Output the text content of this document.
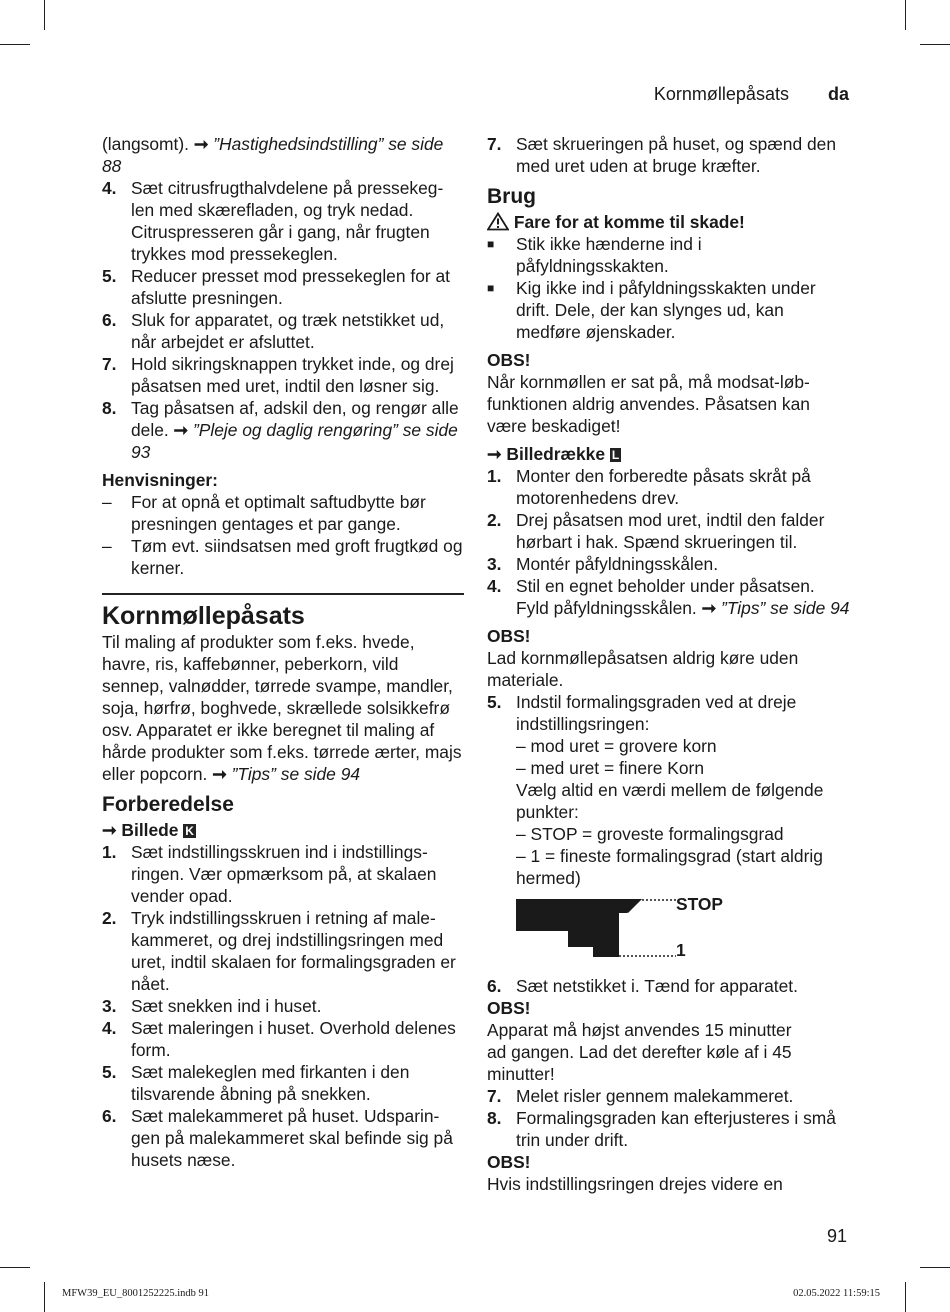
Kornmøllepåsats da

(langsomt). ➞ ”Hastighedsindstilling” se side 88

4. Sæt citrusfrugthalvdelene på pressekeg-len med skærefladen, og tryk nedad. Citruspresseren går i gang, når frugten trykkes mod pressekeglen.
5. Reducer presset mod pressekeglen for at afslutte presningen.
6. Sluk for apparatet, og træk netstikket ud, når arbejdet er afsluttet.
7. Hold sikringsknappen trykket inde, og drej påsatsen med uret, indtil den løsner sig.
8. Tag påsatsen af, adskil den, og rengør alle dele. ➞ ”Pleje og daglig rengøring” se side 93

Henvisninger:

–	For at opnå et optimalt saftudbytte bør presningen gentages et par gange.
–	Tøm evt. siindsatsen med groft frugtkød og kerner.
Kornmøllepåsats

Til maling af produkter som f.eks. hvede, havre, ris, kaffebønner, peberkorn, vild sennep, valnødder, tørrede svampe, mandler, soja, hørfrø, boghvede, skrællede solsikkefrø osv. Apparatet er ikke beregnet til maling af hårde produkter som f.eks. tørrede ærter, majs eller popcorn. ➞ ”Tips” se side 94

Forberedelse

➞ Billede K

1. Sæt indstillingsskruen ind i indstillings-ringen. Vær opmærksom på, at skalaen vender opad.
2. Tryk indstillingsskruen i retning af male-kammeret, og drej indstillingsringen med uret, indtil skalaen for formalingsgraden er nået.
3. Sæt snekken ind i huset.
4. Sæt maleringen i huset. Overhold delenes form.
5. Sæt malekeglen med firkanten i den tilsvarende åbning på snekken.
6. Sæt malekammeret på huset. Udsparin-gen på malekammeret skal befinde sig på husets næse.
7. Sæt skrueringen på huset, og spænd den med uret uden at bruge kræfter.
Brug

Fare for at komme til skade!

■	Stik ikke hænderne ind i påfyldningsskakten.
■	Kig ikke ind i påfyldningsskakten under drift. Dele, der kan slynges ud, kan medføre øjenskader.

OBS!

Når kornmøllen er sat på, må modsat-løb-funktionen aldrig anvendes. Påsatsen kan være beskadiget!

➞ Billedrække L

1. Monter den forberedte påsats skråt på motorenhedens drev.
2. Drej påsatsen mod uret, indtil den falder hørbart i hak. Spænd skrueringen til.
3. Montér påfyldningsskålen.
4. Stil en egnet beholder under påsatsen. Fyld påfyldningsskålen. ➞ ”Tips” se side 94

OBS!

Lad kornmøllepåsatsen aldrig køre uden materiale.

5. Indstil formalingsgraden ved at dreje indstillingsringen:
– mod uret = grovere korn
– med uret = finere Korn
Vælg altid en værdi mellem de følgende punkter:
– STOP = groveste formalingsgrad
– 1 = fineste formalingsgrad (start aldrig hermed)
STOP
1
6. Sæt netstikket i. Tænd for apparatet.

OBS!

Apparat må højst anvendes 15 minutter ad gangen. Lad det derefter køle af i 45 minutter!

7. Melet risler gennem malekammeret.
8. Formalingsgraden kan efterjusteres i små trin under drift.

OBS!

Hvis indstillingsringen drejes videre en

91
MFW39_EU_8001252225.indb 91	02.05.2022 11:59:15
